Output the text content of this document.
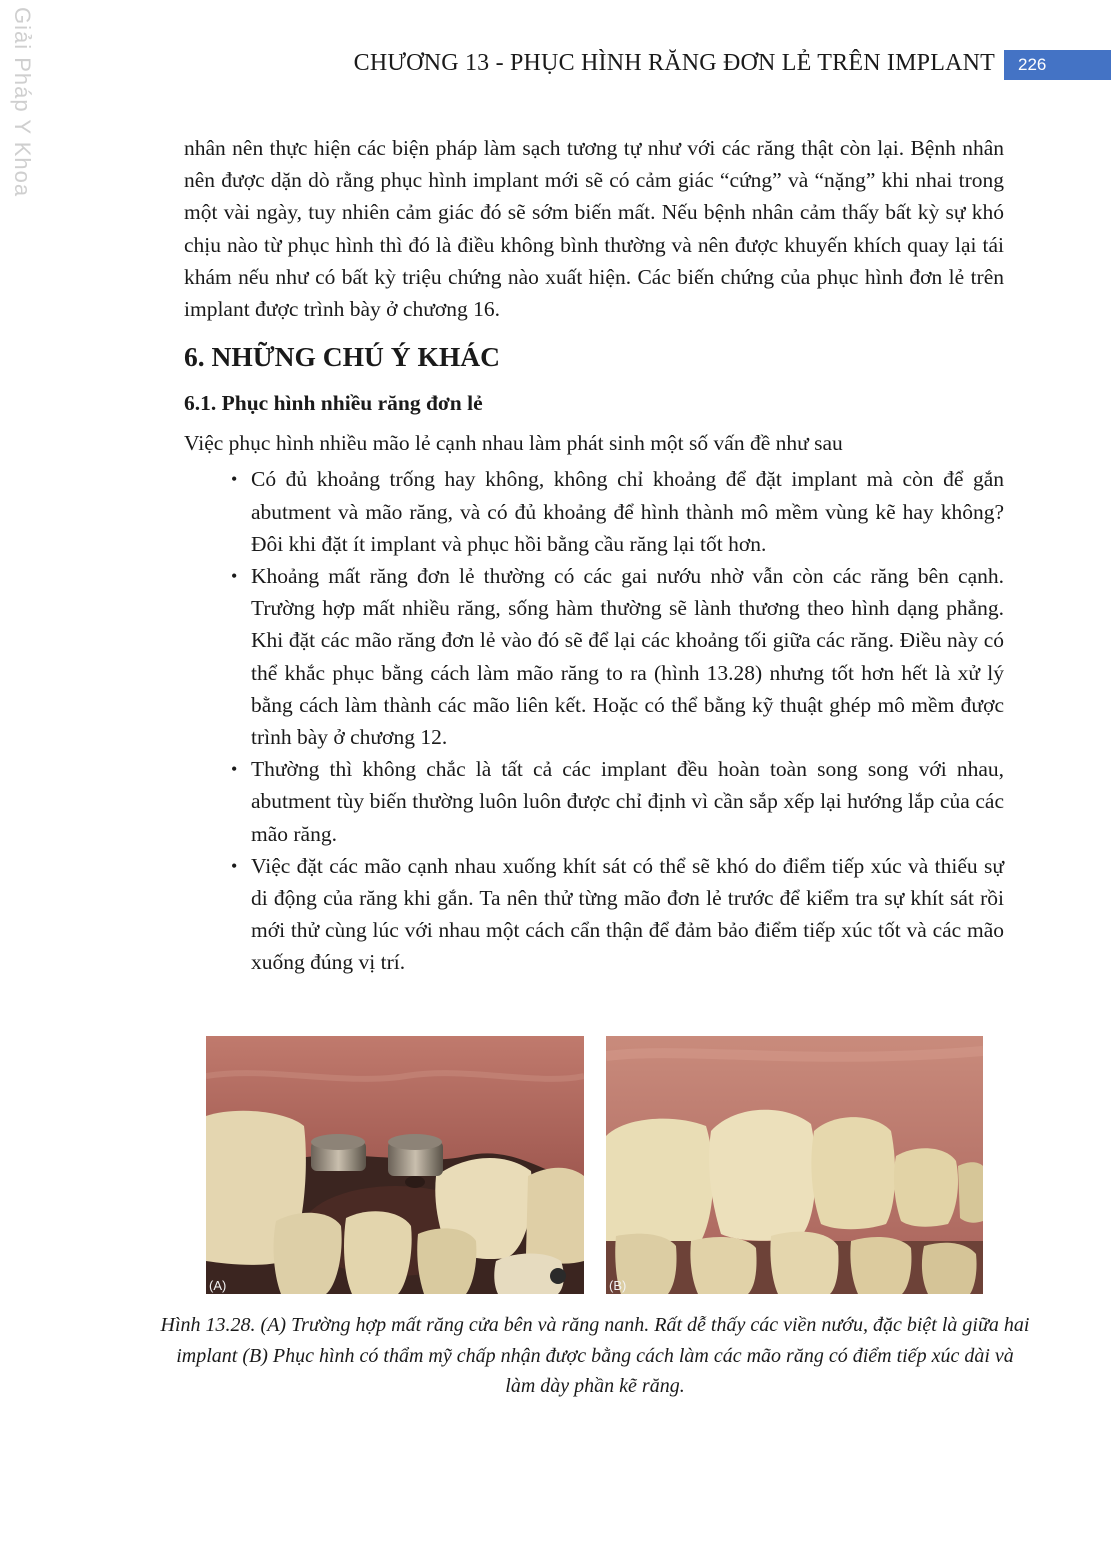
Giải Pháp Y Khoa	CHƯƠNG 13 - PHỤC HÌNH RĂNG ĐƠN LẺ TRÊN IMPLANT	226

nhân nên thực hiện các biện pháp làm sạch tương tự như với các răng thật còn lại. Bệnh nhân nên được dặn dò rằng phục hình implant mới sẽ có cảm giác “cứng” và “nặng” khi nhai trong một vài ngày, tuy nhiên cảm giác đó sẽ sớm biến mất. Nếu bệnh nhân cảm thấy bất kỳ sự khó chịu nào từ phục hình thì đó là điều không bình thường và nên được khuyến khích quay lại tái khám nếu như có bất kỳ triệu chứng nào xuất hiện. Các biến chứng của phục hình đơn lẻ trên implant được trình bày ở chương 16.

6. NHỮNG CHÚ Ý KHÁC
6.1. Phục hình nhiều răng đơn lẻ

Việc phục hình nhiều mão lẻ cạnh nhau làm phát sinh một số vấn đề như sau

• Có đủ khoảng trống hay không, không chỉ khoảng để đặt implant mà còn để gắn abutment và mão răng, và có đủ khoảng để hình thành mô mềm vùng kẽ hay không? Đôi khi đặt ít implant và phục hồi bằng cầu răng lại tốt hơn.
• Khoảng mất răng đơn lẻ thường có các gai nướu nhờ vẫn còn các răng bên cạnh. Trường hợp mất nhiều răng, sống hàm thường sẽ lành thương theo hình dạng phẳng. Khi đặt các mão răng đơn lẻ vào đó sẽ để lại các khoảng tối giữa các răng. Điều này có thể khắc phục bằng cách làm mão răng to ra (hình 13.28) nhưng tốt hơn hết là xử lý bằng cách làm thành các mão liên kết. Hoặc có thể bằng kỹ thuật ghép mô mềm được trình bày ở chương 12.
• Thường thì không chắc là tất cả các implant đều hoàn toàn song song với nhau, abutment tùy biến thường luôn luôn được chỉ định vì cần sắp xếp lại hướng lắp của các mão răng.
• Việc đặt các mão cạnh nhau xuống khít sát có thể sẽ khó do điểm tiếp xúc và thiếu sự di động của răng khi gắn. Ta nên thử từng mão đơn lẻ trước để kiểm tra sự khít sát rồi mới thử cùng lúc với nhau một cách cẩn thận để đảm bảo điểm tiếp xúc tốt và các mão xuống đúng vị trí.
(A)	(B)
Hình 13.28. (A) Trường hợp mất răng cửa bên và răng nanh. Rất dễ thấy các viền nướu, đặc biệt là giữa hai implant (B) Phục hình có thẩm mỹ chấp nhận được bằng cách làm các mão răng có điểm tiếp xúc dài và làm dày phần kẽ răng.
